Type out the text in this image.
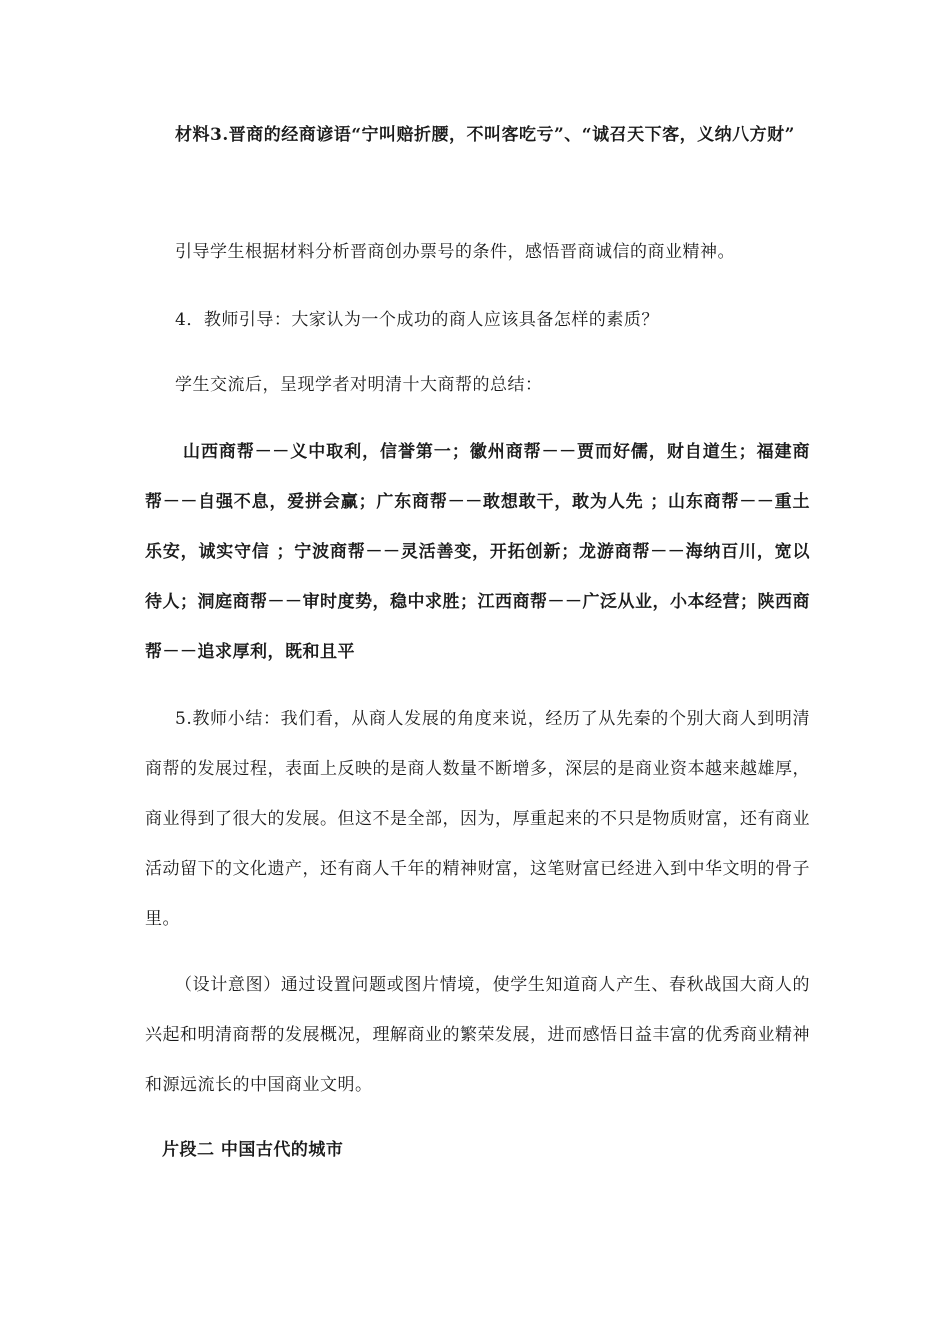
材料3.晋商的经商谚语“宁叫赔折腰，不叫客吃亏”、“诚召天下客，义纳八方财”

引导学生根据材料分析晋商创办票号的条件，感悟晋商诚信的商业精神。

4．教师引导：大家认为一个成功的商人应该具备怎样的素质？

学生交流后，呈现学者对明清十大商帮的总结：

山西商帮－－义中取利，信誉第一；徽州商帮－－贾而好儒，财自道生；福建商帮－－自强不息，爱拼会赢；广东商帮－－敢想敢干，敢为人先 ；山东商帮－－重土乐安，诚实守信 ；宁波商帮－－灵活善变，开拓创新；龙游商帮－－海纳百川，宽以待人；洞庭商帮－－审时度势，稳中求胜；江西商帮－－广泛从业，小本经营；陕西商帮－－追求厚利，既和且平

5.教师小结：我们看，从商人发展的角度来说，经历了从先秦的个别大商人到明清商帮的发展过程，表面上反映的是商人数量不断增多，深层的是商业资本越来越雄厚，商业得到了很大的发展。但这不是全部，因为，厚重起来的不只是物质财富，还有商业活动留下的文化遗产，还有商人千年的精神财富，这笔财富已经进入到中华文明的骨子里。

（设计意图）通过设置问题或图片情境，使学生知道商人产生、春秋战国大商人的兴起和明清商帮的发展概况，理解商业的繁荣发展，进而感悟日益丰富的优秀商业精神和源远流长的中国商业文明。

片段二 中国古代的城市
